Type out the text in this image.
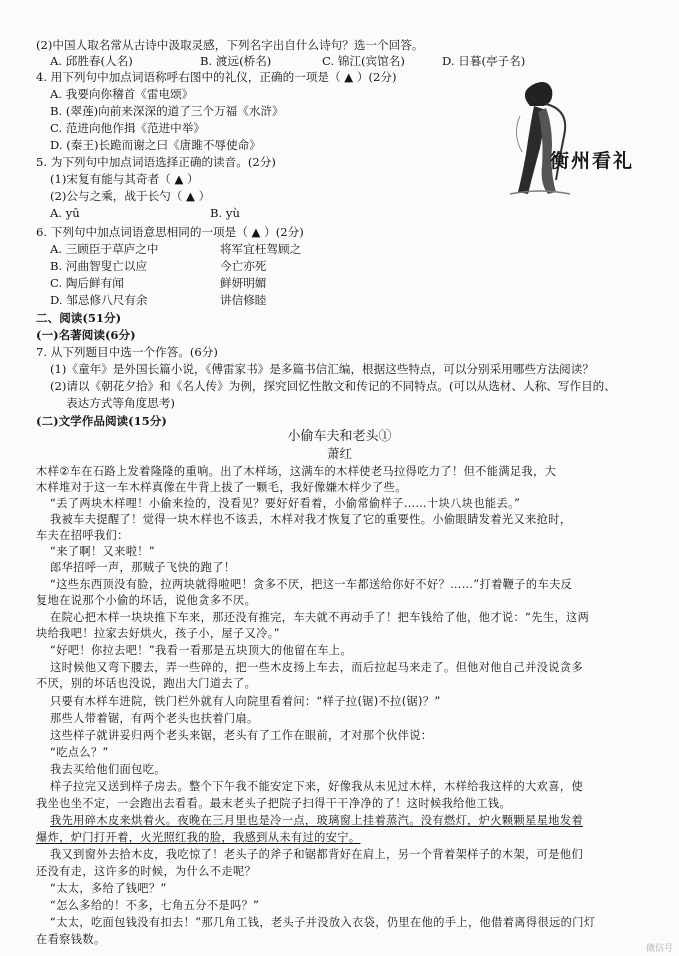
(2)中国人取名常从古诗中汲取灵感，下列名字出自什么诗句？选一个回答。
A. 邱胜春(人名)	B. 渡远(桥名)	C. 锦江(宾馆名)	D. 日暮(亭子名)
4. 用下列句中加点词语称呼右图中的礼仪，正确的一项是（ ▲ ）(2分)
A. 我要向你稽首《雷电颂》
B. (翠莲)向前来深深的道了三个万福《水浒》
C. 范进向他作揖《范进中举》
D. (秦王)长跪而谢之曰《唐雎不辱使命》
衡州看礼
5. 为下列句中加点词语选择正确的读音。(2分)
(1)宋复有能与其奇者（ ▲ ）
(2)公与之乘，战于长勺（ ▲ ）
A. yū	B. yù
6. 下列句中加点词语意思相同的一项是（ ▲ ）(2分)
A. 三顾臣于草庐之中	将军宜枉驾顾之
B. 河曲智叟亡以应	今亡亦死
C. 陶后鲜有闻	鲜妍明媚
D. 邹忌修八尺有余	讲信修睦
二、阅读(51分)
(一)名著阅读(6分)
7. 从下列题目中选一个作答。(6分)
(1)《童年》是外国长篇小说，《傅雷家书》是多篇书信汇编，根据这些特点，可以分别采用哪些方法阅读？
(2)请以《朝花夕拾》和《名人传》为例，探究回忆性散文和传记的不同特点。(可以从选材、人称、写作目的、
表达方式等角度思考)
(二)文学作品阅读(15分)
小偷车夫和老头①
萧红
木样②车在石路上发着隆隆的重响。出了木样场，这满车的木样使老马拉得吃力了！但不能满足我，大
木样堆对于这一车木样真像在牛背上拔了一颗毛，我好像嫌木样少了些。
“丢了两块木样哩！小偷来捡的，没看见？要好好看着，小偷常偷样子……十块八块也能丢。”
我被车夫提醒了！觉得一块木样也不该丢，木样对我才恢复了它的重要性。小偷眼睛发着光又来抢时，
车夫在招呼我们：
“来了啊！又来啦！”
郎华招呼一声，那贼子飞快的跑了！
“这些东西顶没有脸，拉两块就得啦吧！贪多不厌，把这一车都送给你好不好？……”打着鞭子的车夫反
复地在说那个小偷的坏话，说他贪多不厌。
在院心把木样一块块推下车来，那还没有推完，车夫就不再动手了！把车钱给了他，他才说：“先生，这两
块给我吧！拉家去好烘火，孩子小，屋子又冷。”
“好吧！你拉去吧！”我看一看那是五块顶大的他留在车上。
这时候他又弯下腰去，弄一些碎的，把一些木皮扬上车去，而后拉起马来走了。但他对他自己并没说贪多
不厌，别的坏话也没说，跑出大门道去了。
只要有木样车进院，铁门栏外就有人向院里看着问：“样子拉(锯)不拉(锯)？”
那些人带着锯，有两个老头也扶着门扇。
这些样子就讲妥归两个老头来锯，老头有了工作在眼前，才对那个伙伴说：
“吃点么？”
我去买给他们面包吃。
样子拉完又送到样子房去。整个下午我不能安定下来，好像我从未见过木样，木样给我这样的大欢喜，使
我坐也坐不定，一会跑出去看看。最末老头子把院子扫得干干净净的了！这时候我给他工钱。
我先用碎木皮来烘着火。夜晚在三月里也是冷一点，玻璃窗上挂着蒸汽。没有燃灯，炉火颗颗星星地发着
爆炸，炉门打开着，火光照红我的脸，我感到从未有过的安宁。
我又到窗外去拾木皮，我吃惊了！老头子的斧子和锯都背好在肩上，另一个背着架样子的木架，可是他们
还没有走，这许多的时候，为什么不走呢？
“太太，多给了钱吧？”
“怎么多给的！不多，七角五分不是吗？”
“太太，吃面包钱没有扣去！”那几角工钱，老头子并没放入衣袋，仍里在他的手上，他借着离得很远的门灯
在看察钱数。
微信号
